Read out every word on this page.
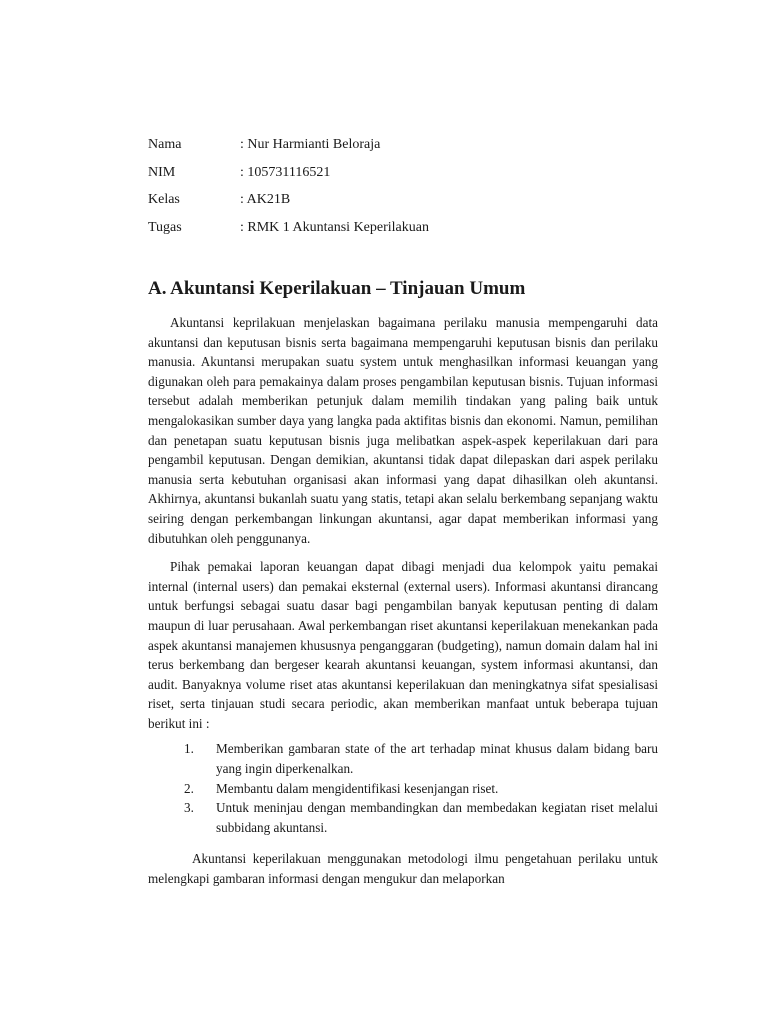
Nama	: Nur Harmianti Beloraja
NIM	: 105731116521
Kelas	: AK21B
Tugas	: RMK 1 Akuntansi Keperilakuan
A. Akuntansi Keperilakuan – Tinjauan Umum

Akuntansi keprilakuan menjelaskan bagaimana perilaku manusia mempengaruhi data akuntansi dan keputusan bisnis serta bagaimana mempengaruhi keputusan bisnis dan perilaku manusia. Akuntansi merupakan suatu system untuk menghasilkan informasi keuangan yang digunakan oleh para pemakainya dalam proses pengambilan keputusan bisnis. Tujuan informasi tersebut adalah memberikan petunjuk dalam memilih tindakan yang paling baik untuk mengalokasikan sumber daya yang langka pada aktifitas bisnis dan ekonomi. Namun, pemilihan dan penetapan suatu keputusan bisnis juga melibatkan aspek-aspek keperilakuan dari para pengambil keputusan. Dengan demikian, akuntansi tidak dapat dilepaskan dari aspek perilaku manusia serta kebutuhan organisasi akan informasi yang dapat dihasilkan oleh akuntansi. Akhirnya, akuntansi bukanlah suatu yang statis, tetapi akan selalu berkembang sepanjang waktu seiring dengan perkembangan linkungan akuntansi, agar dapat memberikan informasi yang dibutuhkan oleh penggunanya.

Pihak pemakai laporan keuangan dapat dibagi menjadi dua kelompok yaitu pemakai internal (internal users) dan pemakai eksternal (external users). Informasi akuntansi dirancang untuk berfungsi sebagai suatu dasar bagi pengambilan banyak keputusan penting di dalam maupun di luar perusahaan. Awal perkembangan riset akuntansi keperilakuan menekankan pada aspek akuntansi manajemen khususnya penganggaran (budgeting), namun domain dalam hal ini terus berkembang dan bergeser kearah akuntansi keuangan, system informasi akuntansi, dan audit. Banyaknya volume riset atas akuntansi keperilakuan dan meningkatnya sifat spesialisasi riset, serta tinjauan studi secara periodic, akan memberikan manfaat untuk beberapa tujuan berikut ini :

1.	Memberikan gambaran state of the art terhadap minat khusus dalam bidang baru yang ingin diperkenalkan.
2.	Membantu dalam mengidentifikasi kesenjangan riset.
3.	Untuk meninjau dengan membandingkan dan membedakan kegiatan riset melalui subbidang akuntansi.

Akuntansi keperilakuan menggunakan metodologi ilmu pengetahuan perilaku untuk melengkapi gambaran informasi dengan mengukur dan melaporkan
